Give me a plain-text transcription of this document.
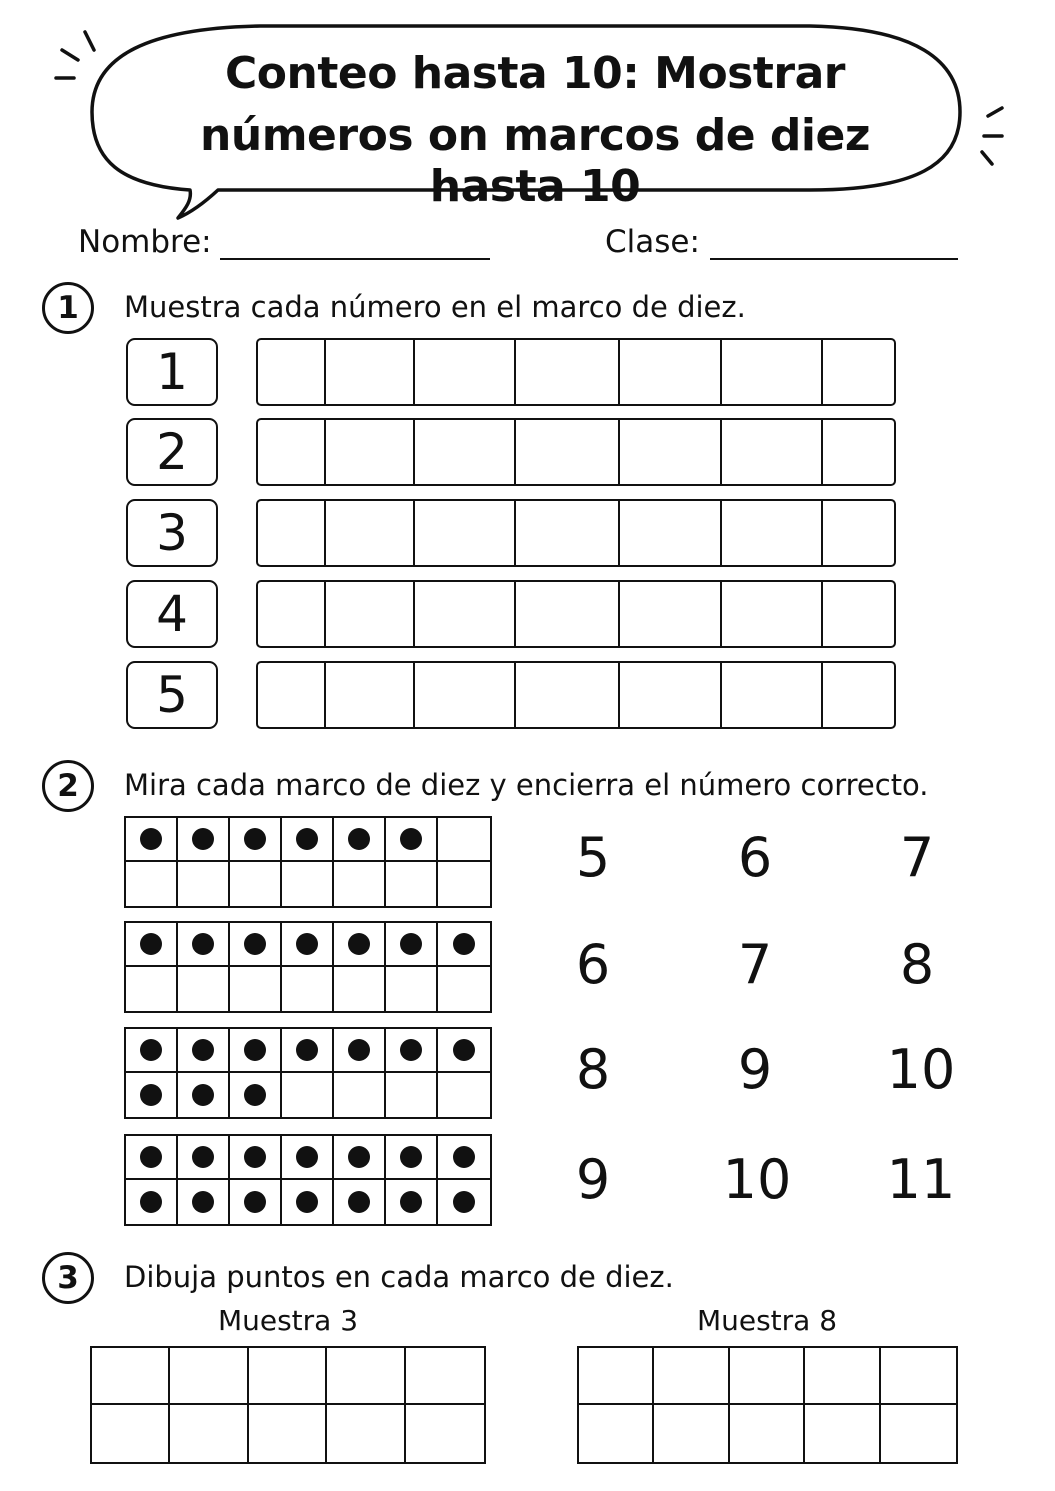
Conteo hasta 10: Mostrar
números on marcos de diez hasta 10
Nombre:	Clase:
1	Muestra cada número en el marco de diez.
1
2
3
4
5
2	Mira cada marco de diez y encierra el número correcto.
5	6	7
6	7	8
8	9	10
9	10	11
3	Dibuja puntos en cada marco de diez.
Muestra 3	Muestra 8
